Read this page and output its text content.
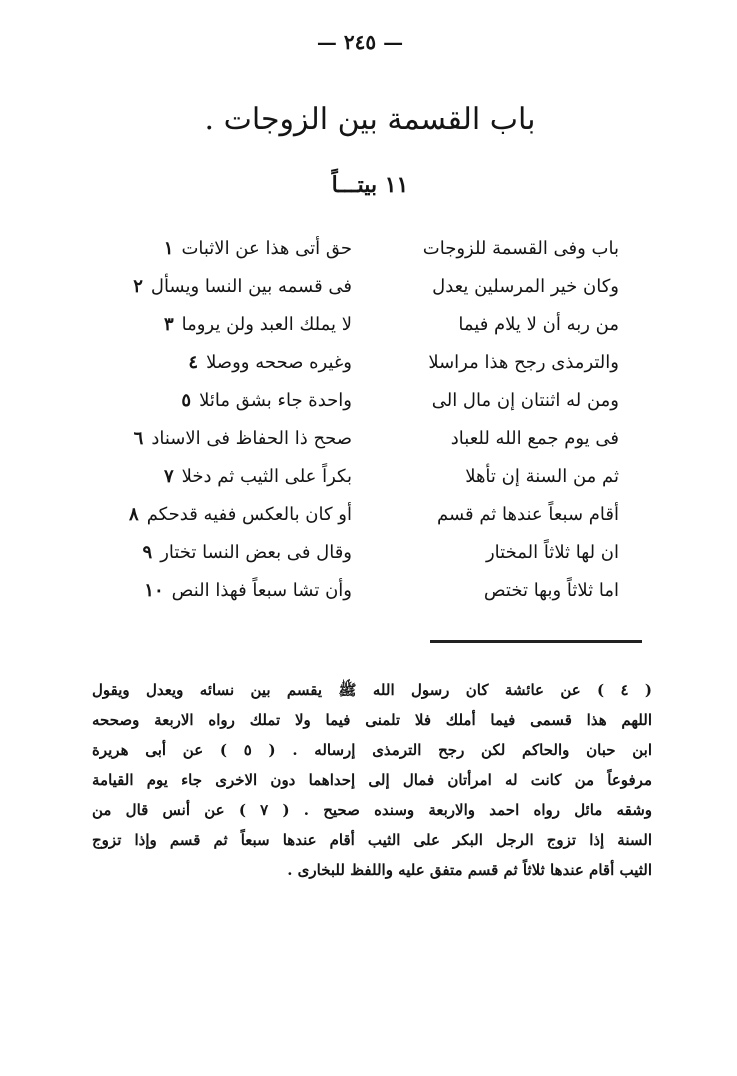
— ٢٤٥ —
باب القسمة بين الزوجات .
١١ بيتـــاً
باب وفى القسمة للزوجات
وكان خير المرسلين يعدل
من ربه أن لا يلام فيما
والترمذى رجح هذا مراسلا
ومن له اثنتان إن مال الى
فى يوم جمع الله للعباد
ثم من السنة إن تأهلا
أقام سبعاً عندها ثم قسم
ان لها ثلاثاً المختار
اما ثلاثاً وبها تختص
حق أتى هذا عن الاثبات١
فى قسمه بين النسا ويسأل٢
لا يملك العبد ولن يروما٣
وغيره صححه ووصلا٤
واحدة جاء بشق مائلا٥
صحح ذا الحفاظ فى الاسناد٦
بكراً على الثيب ثم دخلا٧
أو كان بالعكس ففيه قدحكم٨
وقال فى بعض النسا تختار٩
وأن تشا سبعاً فهذا النص١٠
( ٤ ) عن عائشة كان رسول الله ﷺ يقسم بين نسائه ويعدل ويقول
اللهم هذا قسمى فيما أملك فلا تلمنى فيما ولا تملك رواه الاربعة وصححه
ابن حبان والحاكم لكن رجح الترمذى إرساله . ( ٥ ) عن أبى هريرة
مرفوعاً من كانت له امرأتان فمال إلى إحداهما دون الاخرى جاء يوم القيامة
وشقه مائل رواه احمد والاربعة وسنده صحيح . ( ٧ ) عن أنس قال من
السنة إذا تزوج الرجل البكر على الثيب أقام عندها سبعاً ثم قسم وإذا تزوج
الثيب أقام عندها ثلاثاً ثم قسم متفق عليه واللفظ للبخارى .
